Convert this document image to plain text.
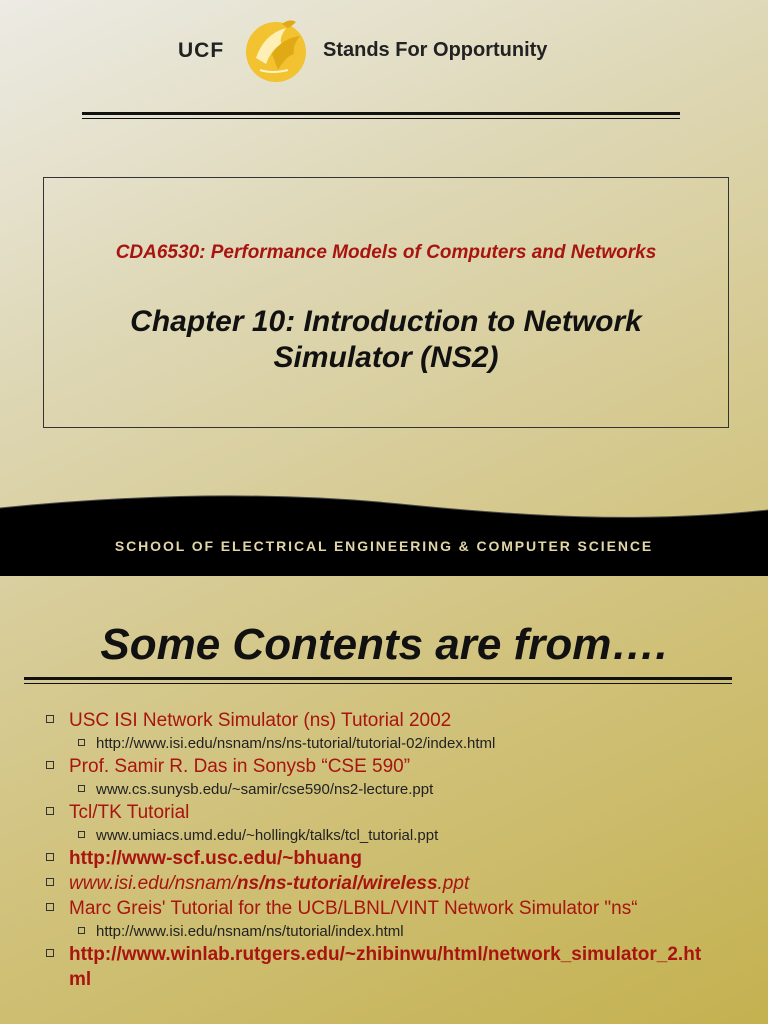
UCF	Stands For Opportunity
CDA6530: Performance Models of Computers and Networks
Chapter 10: Introduction to Network
Simulator (NS2)
SCHOOL OF ELECTRICAL ENGINEERING & COMPUTER SCIENCE
Some Contents are from….
USC ISI Network Simulator (ns) Tutorial 2002
http://www.isi.edu/nsnam/ns/ns-tutorial/tutorial-02/index.html
Prof. Samir R. Das in Sonysb “CSE 590”
www.cs.sunysb.edu/~samir/cse590/ns2-lecture.ppt
Tcl/TK Tutorial
www.umiacs.umd.edu/~hollingk/talks/tcl_tutorial.ppt
http://www-scf.usc.edu/~bhuang
www.isi.edu/nsnam/ns/ns-tutorial/wireless.ppt
Marc Greis' Tutorial for the UCB/LBNL/VINT Network Simulator "ns“
http://www.isi.edu/nsnam/ns/tutorial/index.html
http://www.winlab.rutgers.edu/~zhibinwu/html/network_simulator_2.ht
ml
